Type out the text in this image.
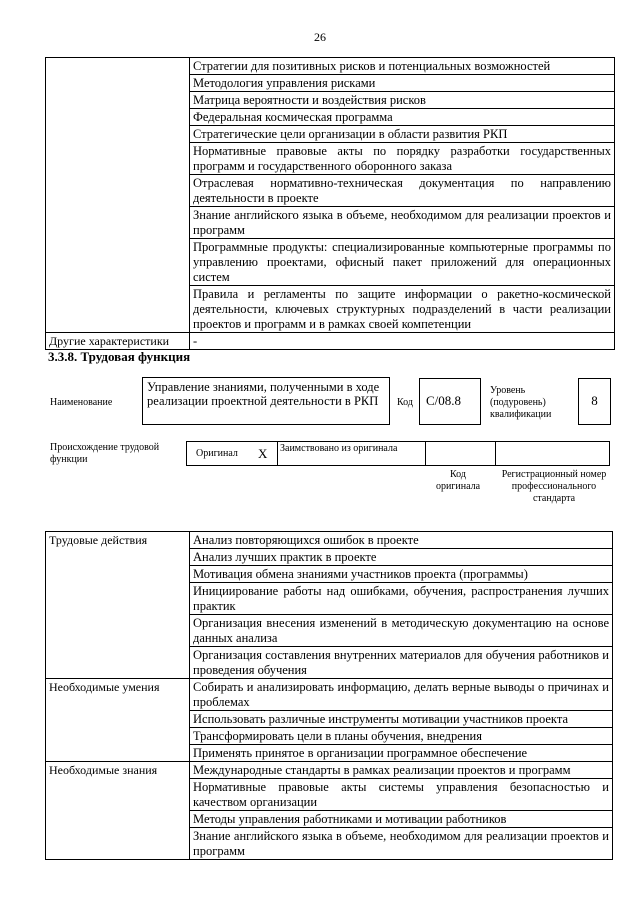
26
	Стратегии для позитивных рисков и потенциальных возможностей
	Методология управления рисками
	Матрица вероятности и воздействия рисков
	Федеральная космическая программа
	Стратегические цели организации в области развития РКП
	Нормативные правовые акты по порядку разработки государственных программ и государственного оборонного заказа
	Отраслевая нормативно-техническая документация по направлению деятельности в проекте
	Знание английского языка в объеме, необходимом для реализации проектов и программ
	Программные продукты: специализированные компьютерные программы по управлению проектами, офисный пакет приложений для операционных систем
	Правила и регламенты по защите информации о ракетно-космической деятельности, ключевых структурных подразделений в части реализации проектов и программ и в рамках своей компетенции
Другие характеристики	-
3.3.8. Трудовая функция
Наименование
Управление знаниями, полученными в ходе реализации проектной деятельности в РКП	Код	C/08.8
Уровень (подуровень) квалификации
8
Происхождение трудовой функции
Оригинал X Заимствовано из оригинала
Код оригинала
Регистрационный номер профессионального стандарта
Трудовые действия	Анализ повторяющихся ошибок в проекте
	Анализ лучших практик в проекте
	Мотивация обмена знаниями участников проекта (программы)
	Инициирование работы над ошибками, обучения, распространения лучших практик
	Организация внесения изменений в методическую документацию на основе данных анализа
	Организация составления внутренних материалов для обучения работников и проведения обучения
Необходимые умения	Собирать и анализировать информацию, делать верные выводы о причинах и проблемах
	Использовать различные инструменты мотивации участников проекта
	Трансформировать цели в планы обучения, внедрения
	Применять принятое в организации программное обеспечение
Необходимые знания	Международные стандарты в рамках реализации проектов и программ
	Нормативные правовые акты системы управления безопасностью и качеством организации
	Методы управления работниками и мотивации работников
	Знание английского языка в объеме, необходимом для реализации проектов и программ
